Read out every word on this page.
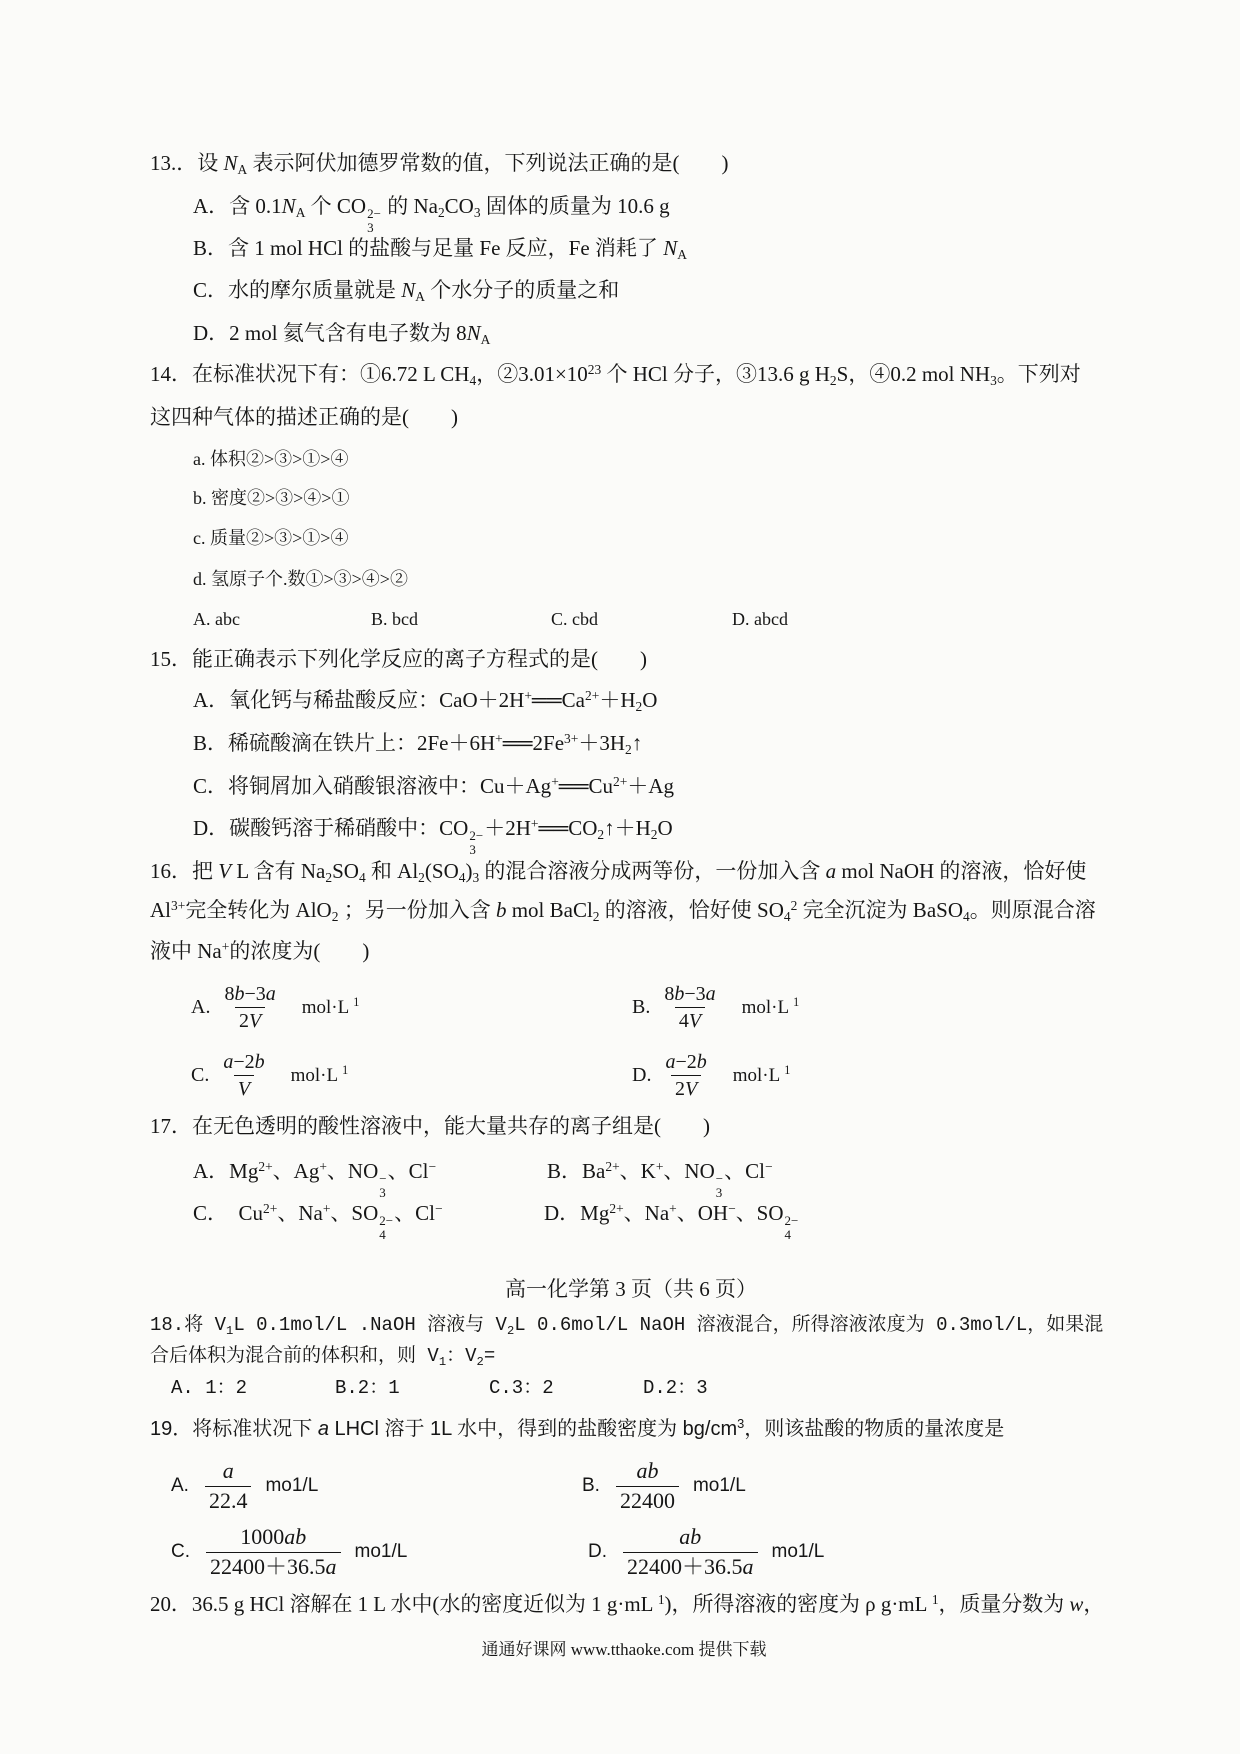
13.．设 $N_A$ 表示阿伏加德罗常数的值，下列说法正确的是(　　)
A．含 $0.1N_A$ 个 CO 2−
3
的 $Na_2CO_3$ 固体的质量为 10.6 g
B．含 1 mol HCl 的盐酸与足量 Fe 反应，Fe 消耗了 $N_A$
C．水的摩尔质量就是 $N_A$ 个水分子的质量之和
D．2 mol 氦气含有电子数为 $8N_A$
14．在标准状况下有：①6.72 L $CH_4$，$②3.01\times 10^{23}$ 个 HCl 分子，③13.6 g $H_2S$，④0.2 mol $NH_3$。下列对
这四种气体的描述正确的是(　　)
a. 体积②>③>①>④
b. 密度②>③>④>①
c. 质量②>③>①>④
d. 氢原子个.数①>③>④>②
A. abc	B. bcd	C. cbd	D. abcd
15．能正确表示下列化学反应的离子方程式的是(　　)
A．氧化钙与稀盐酸反应：$CaO+2H^+══Ca^{2+}+H_2O$
B．稀硫酸滴在铁片上：$2Fe+6H^+══2Fe^{3+}+3H_2↑$
C．将铜屑加入硝酸银溶液中：$Cu+Ag^+══Cu^{2+}+Ag$
D．碳酸钙溶于稀硝酸中：CO 2−
3
$+2H^+══CO_2↑+H_2O$
16．把 V L 含有 $Na_2SO_4$ 和 $Al_2(SO_4)_3$ 的混合溶液分成两等份，一份加入含 a mol NaOH 的溶液，恰好使
$Al^{3+}$完全转化为 AlO$_2$ ；另一份加入含 b mol BaCl$_2$ 的溶液，恰好使 $SO_4^2$ 完全沉淀为 BaSO$_4$。则原混合溶
液中 Na+的浓度为(　　)
A. $\frac{8b-3a}{2V} mol\cdot L$ $^1$	B. $\frac{8b-3a}{4V} mol\cdot L$ $^1$
C. $\frac{a-2b}{V} mol\cdot L$ $^1$	D. $\frac{a-2b}{2V} mol\cdot L$ $^1$
17．在无色透明的酸性溶液中，能大量共存的离子组是(　　)
A．$Mg^{2+}$、Ag+、NO −
3
、Cl−	B．$Ba^{2+}$、K+、NO −
3
、Cl−
C．　$Cu^{2+}$、Na+、SO 2−
4
、Cl−	D．$Mg^{2+}$、Na+、OH−、SO 2−
4
高一化学第 3 页（共 6 页）
18.将 $V_1L$ 0.1mol/L .NaOH 溶液与 $V_2L$ 0.6mol/L NaOH 溶液混合，所得溶液浓度为 0.3mol/L，如果混
合后体积为混合前的体积和，则 $V_1$：$V_2=$
A. 1：2	B.2：1	C.3：2	D.2：3
19．将标准状况下 a LHCl 溶于 1L 水中，得到的盐酸密度为 $bg/cm^3$，则该盐酸的物质的量浓度是
A. $\frac{a}{22.4} mo1/L$	B. $\frac{ab}{22400} mo1/L$
C. $\frac{1000ab}{22400+36.5a} mo1/L$	D. $\frac{ab}{22400+36.5a} mo1/L$
20．36.5 g HCl 溶解在 1 L 水中(水的密度近似为 1 g·mL $^1$)，所得溶液的密度为 ρ g·mL $^1$，质量分数为 w，
通通好课网 www.tthaoke.com 提供下载
